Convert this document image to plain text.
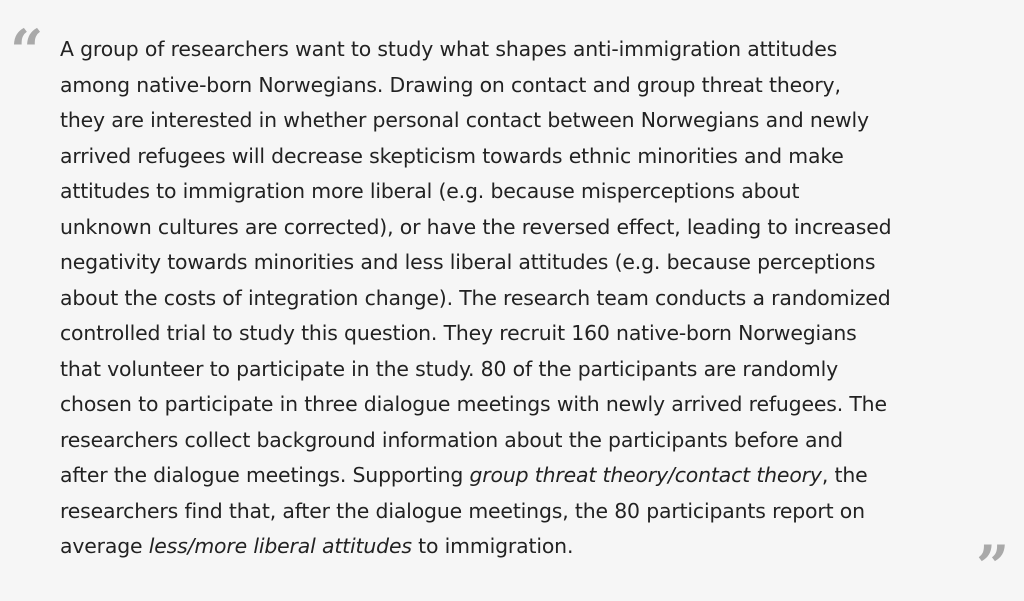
“ A group of researchers want to study what shapes anti-immigration attitudes
among native-born Norwegians. Drawing on contact and group threat theory,
they are interested in whether personal contact between Norwegians and newly
arrived refugees will decrease skepticism towards ethnic minorities and make
attitudes to immigration more liberal (e.g. because misperceptions about
unknown cultures are corrected), or have the reversed effect, leading to increased
negativity towards minorities and less liberal attitudes (e.g. because perceptions
about the costs of integration change). The research team conducts a randomized
controlled trial to study this question. They recruit 160 native-born Norwegians
that volunteer to participate in the study. 80 of the participants are randomly
chosen to participate in three dialogue meetings with newly arrived refugees. The
researchers collect background information about the participants before and
after the dialogue meetings. Supporting group threat theory/contact theory, the
researchers find that, after the dialogue meetings, the 80 participants report on
average less/more liberal attitudes to immigration.	”
